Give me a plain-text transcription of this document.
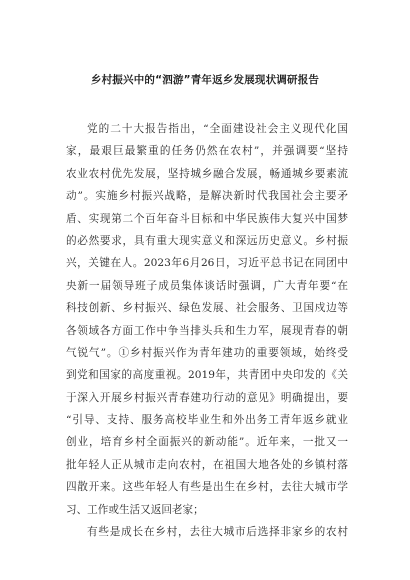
乡村振兴中的“泗游”青年返乡发展现状调研报告
党的二十大报告指出，“全面建设社会主义现代化国
家，最艰巨最繁重的任务仍然在农村”，并强调要“坚持
农业农村优先发展，坚持城乡融合发展，畅通城乡要素流
动”。实施乡村振兴战略，是解决新时代我国社会主要矛
盾、实现第二个百年奋斗目标和中华民族伟大复兴中国梦
的必然要求，具有重大现实意义和深远历史意义。乡村振
兴，关键在人。2023年6月26日，习近平总书记在同团中
央新一届领导班子成员集体谈话时强调，广大青年要“在
科技创新、乡村振兴、绿色发展、社会服务、卫国戍边等
各领域各方面工作中争当排头兵和生力军，展现青春的朝
气锐气”。①乡村振兴作为青年建功的重要领域，始终受
到党和国家的高度重视。2019年，共青团中央印发的《关
于深入开展乡村振兴青春建功行动的意见》明确提出，要
“引导、支持、服务高校毕业生和外出务工青年返乡就业
创业，培育乡村全面振兴的新动能”。近年来，一批又一
批年轻人正从城市走向农村，在祖国大地各处的乡镇村落
四散开来。这些年轻人有些是出生在乡村，去往大城市学
习、工作或生活又返回老家；
有些是成长在乡村，去往大城市后选择非家乡的农村
